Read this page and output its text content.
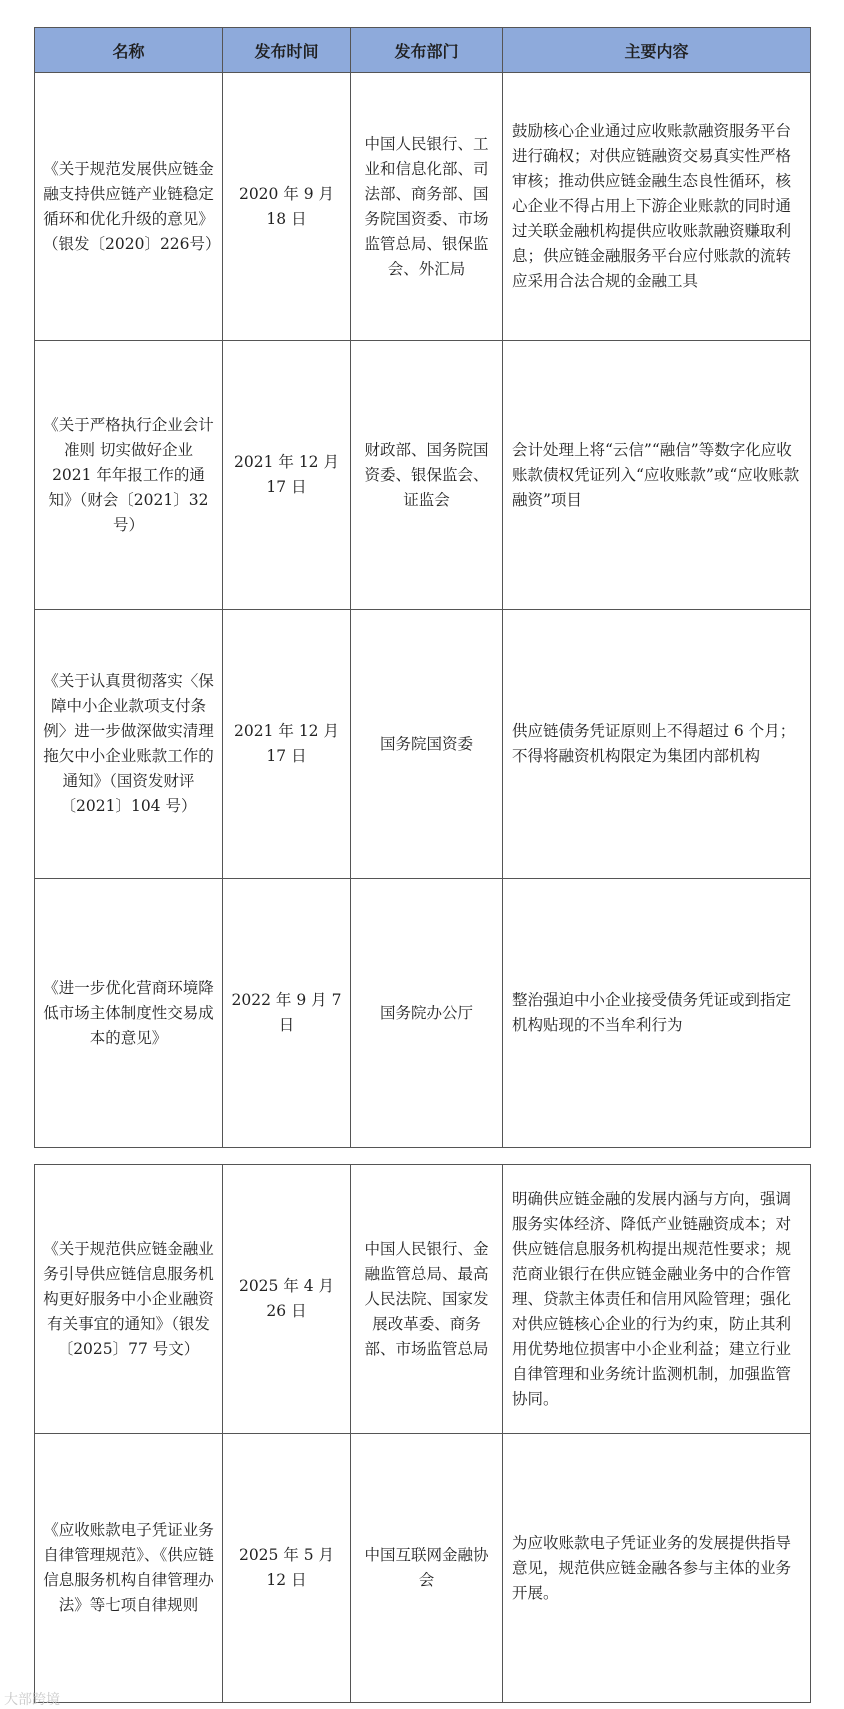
名称	发布时间	发布部门	主要内容
《关于规范发展供应链金融支持供应链产业链稳定循环和优化升级的意见》（银发〔2020〕226号）	2020 年 9 月 18 日	中国人民银行、工业和信息化部、司法部、商务部、国务院国资委、市场监管总局、银保监会、外汇局	鼓励核心企业通过应收账款融资服务平台进行确权；对供应链融资交易真实性严格审核；推动供应链金融生态良性循环，核心企业不得占用上下游企业账款的同时通过关联金融机构提供应收账款融资赚取利息；供应链金融服务平台应付账款的流转应采用合法合规的金融工具
《关于严格执行企业会计准则 切实做好企业 2021 年年报工作的通知》（财会〔2021〕32 号）	2021 年 12 月 17 日	财政部、国务院国资委、银保监会、证监会	会计处理上将“云信”“融信”等数字化应收账款债权凭证列入“应收账款”或“应收账款融资”项目
《关于认真贯彻落实〈保障中小企业款项支付条例〉进一步做深做实清理拖欠中小企业账款工作的通知》（国资发财评〔2021〕104 号）	2021 年 12 月 17 日	国务院国资委	供应链债务凭证原则上不得超过 6 个月；不得将融资机构限定为集团内部机构
《进一步优化营商环境降低市场主体制度性交易成本的意见》	2022 年 9 月 7 日	国务院办公厅	整治强迫中小企业接受债务凭证或到指定机构贴现的不当牟利行为
《关于规范供应链金融业务引导供应链信息服务机构更好服务中小企业融资有关事宜的通知》（银发〔2025〕77 号文）	2025 年 4 月 26 日	中国人民银行、金融监管总局、最高人民法院、国家发展改革委、商务部、市场监管总局	明确供应链金融的发展内涵与方向，强调服务实体经济、降低产业链融资成本；对供应链信息服务机构提出规范性要求；规范商业银行在供应链金融业务中的合作管理、贷款主体责任和信用风险管理；强化对供应链核心企业的行为约束，防止其利用优势地位损害中小企业利益；建立行业自律管理和业务统计监测机制，加强监管协同。
《应收账款电子凭证业务自律管理规范》、《供应链信息服务机构自律管理办法》等七项自律规则	2025 年 5 月 12 日	中国互联网金融协会	为应收账款电子凭证业务的发展提供指导意见，规范供应链金融各参与主体的业务开展。
大部跨境
